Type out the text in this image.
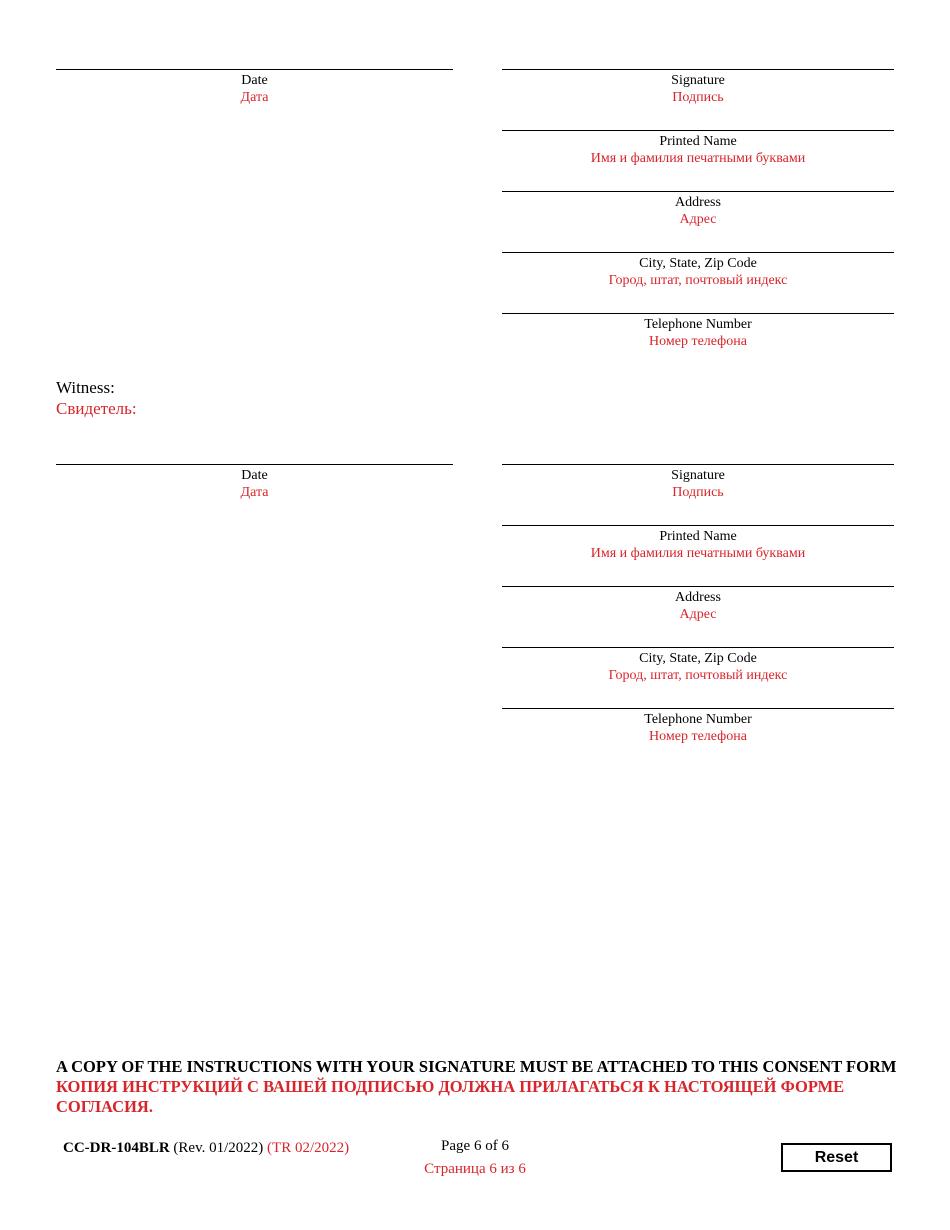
Date
Дата
Signature
Подпись
Printed Name
Имя и фамилия печатными буквами
Address
Адрес
City, State, Zip Code
Город, штат, почтовый индекс
Telephone Number
Номер телефона
Witness:
Свидетель:
Date
Дата
Signature
Подпись
Printed Name
Имя и фамилия печатными буквами
Address
Адрес
City, State, Zip Code
Город, штат, почтовый индекс
Telephone Number
Номер телефона
A COPY OF THE INSTRUCTIONS WITH YOUR SIGNATURE MUST BE ATTACHED TO THIS CONSENT FORM
КОПИЯ ИНСТРУКЦИЙ С ВАШЕЙ ПОДПИСЬЮ ДОЛЖНА ПРИЛАГАТЬСЯ К НАСТОЯЩЕЙ ФОРМЕ СОГЛАСИЯ.
CC-DR-104BLR (Rev. 01/2022) (TR 02/2022)	Page 6 of 6
Страница 6 из 6
Reset
